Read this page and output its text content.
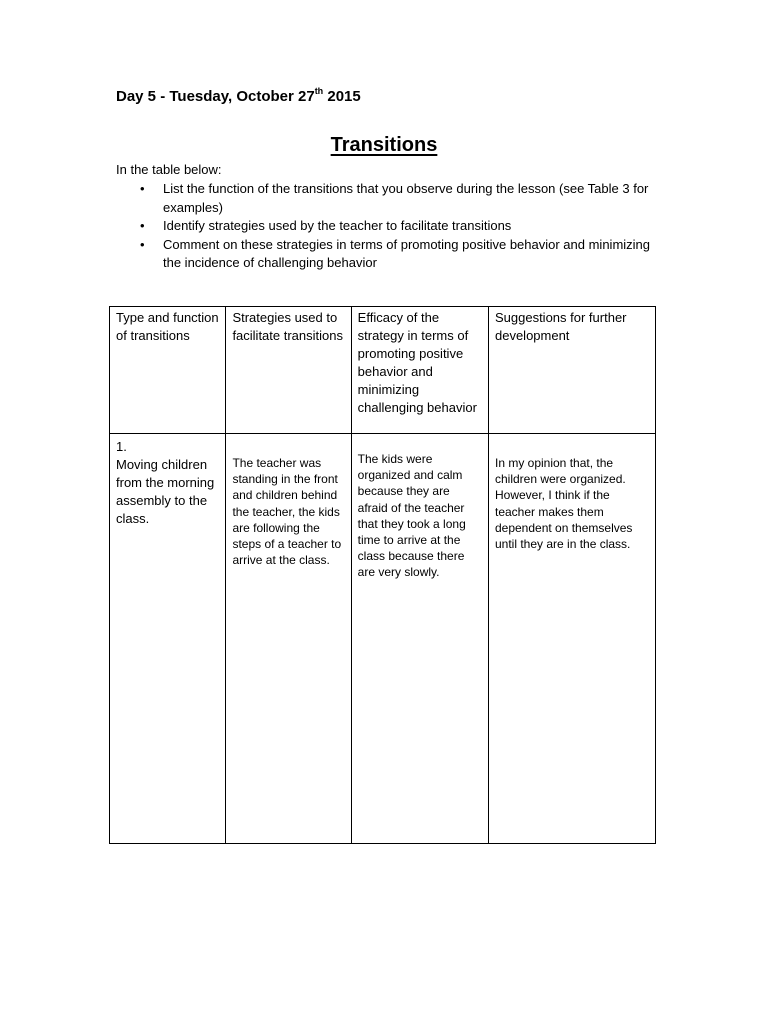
Day 5 - Tuesday, October 27th 2015
Transitions
In the table below:
• List the function of the transitions that you observe during the lesson (see Table 3 for examples)
• Identify strategies used by the teacher to facilitate transitions
• Comment on these strategies in terms of promoting positive behavior and minimizing the incidence of challenging behavior
Type and function of transitions	Strategies used to facilitate transitions	Efficacy of the strategy in terms of promoting positive behavior and minimizing challenging behavior	Suggestions for further development

1.
Moving children from the morning assembly to the class.	The teacher was standing in the front and children behind the teacher, the kids are following the steps of a teacher to arrive at the class.	The kids were organized and calm because they are afraid of the teacher that they took a long time to arrive at the class because there are very slowly.	In my opinion that, the children were organized. However, I think if the teacher makes them dependent on themselves until they are in the class.
